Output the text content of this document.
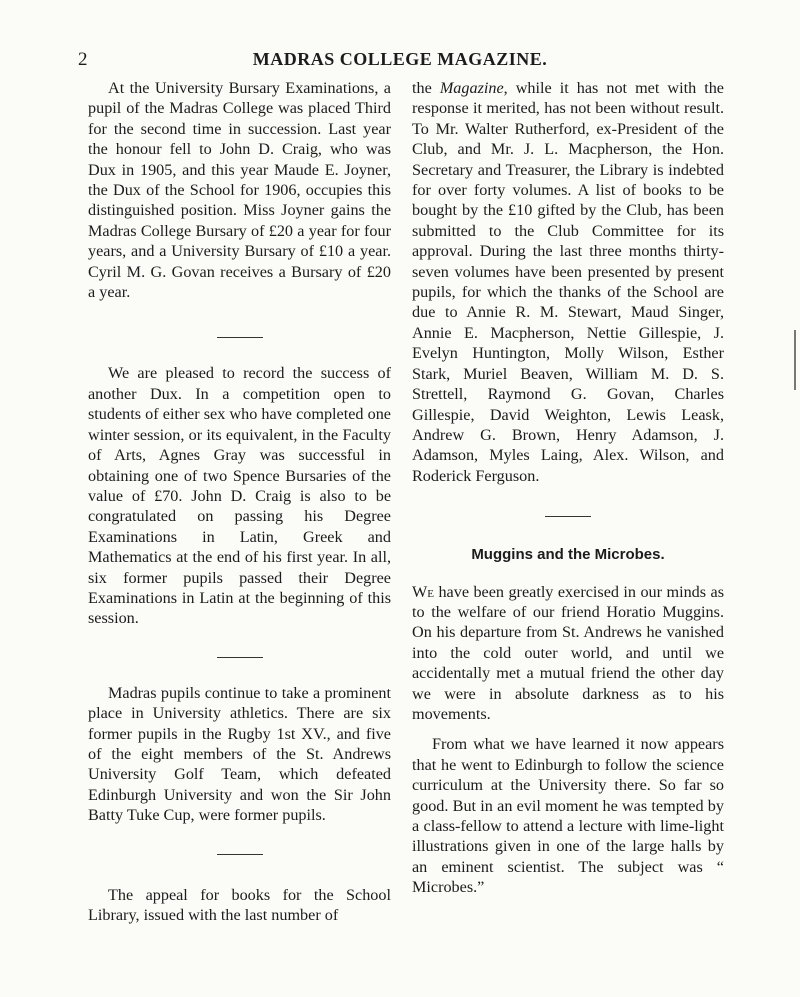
2	MADRAS COLLEGE MAGAZINE.

At the University Bursary Examinations, a pupil of the Madras College was placed Third for the second time in succession. Last year the honour fell to John D. Craig, who was Dux in 1905, and this year Maude E. Joyner, the Dux of the School for 1906, occupies this distinguished position. Miss Joyner gains the Madras College Bursary of £20 a year for four years, and a University Bursary of £10 a year. Cyril M. G. Govan receives a Bursary of £20 a year.

We are pleased to record the success of another Dux. In a competition open to students of either sex who have completed one winter session, or its equivalent, in the Faculty of Arts, Agnes Gray was successful in obtaining one of two Spence Bursaries of the value of £70. John D. Craig is also to be congratulated on passing his Degree Examinations in Latin, Greek and Mathematics at the end of his first year. In all, six former pupils passed their Degree Examinations in Latin at the beginning of this session.

Madras pupils continue to take a prominent place in University athletics. There are six former pupils in the Rugby 1st XV., and five of the eight members of the St. Andrews University Golf Team, which defeated Edinburgh University and won the Sir John Batty Tuke Cup, were former pupils.

The appeal for books for the School Library, issued with the last number of

the Magazine, while it has not met with the response it merited, has not been without result. To Mr. Walter Rutherford, ex-President of the Club, and Mr. J. L. Macpherson, the Hon. Secretary and Treasurer, the Library is indebted for over forty volumes. A list of books to be bought by the £10 gifted by the Club, has been submitted to the Club Committee for its approval. During the last three months thirty-seven volumes have been presented by present pupils, for which the thanks of the School are due to Annie R. M. Stewart, Maud Singer, Annie E. Macpherson, Nettie Gillespie, J. Evelyn Huntington, Molly Wilson, Esther Stark, Muriel Beaven, William M. D. S. Strettell, Raymond G. Govan, Charles Gillespie, David Weighton, Lewis Leask, Andrew G. Brown, Henry Adamson, J. Adamson, Myles Laing, Alex. Wilson, and Roderick Ferguson.

Muggins and the Microbes.

We have been greatly exercised in our minds as to the welfare of our friend Horatio Muggins. On his departure from St. Andrews he vanished into the cold outer world, and until we accidentally met a mutual friend the other day we were in absolute darkness as to his movements.

From what we have learned it now appears that he went to Edinburgh to follow the science curriculum at the University there. So far so good. But in an evil moment he was tempted by a class-fellow to attend a lecture with lime-light illustrations given in one of the large halls by an eminent scientist. The subject was “ Microbes.”
